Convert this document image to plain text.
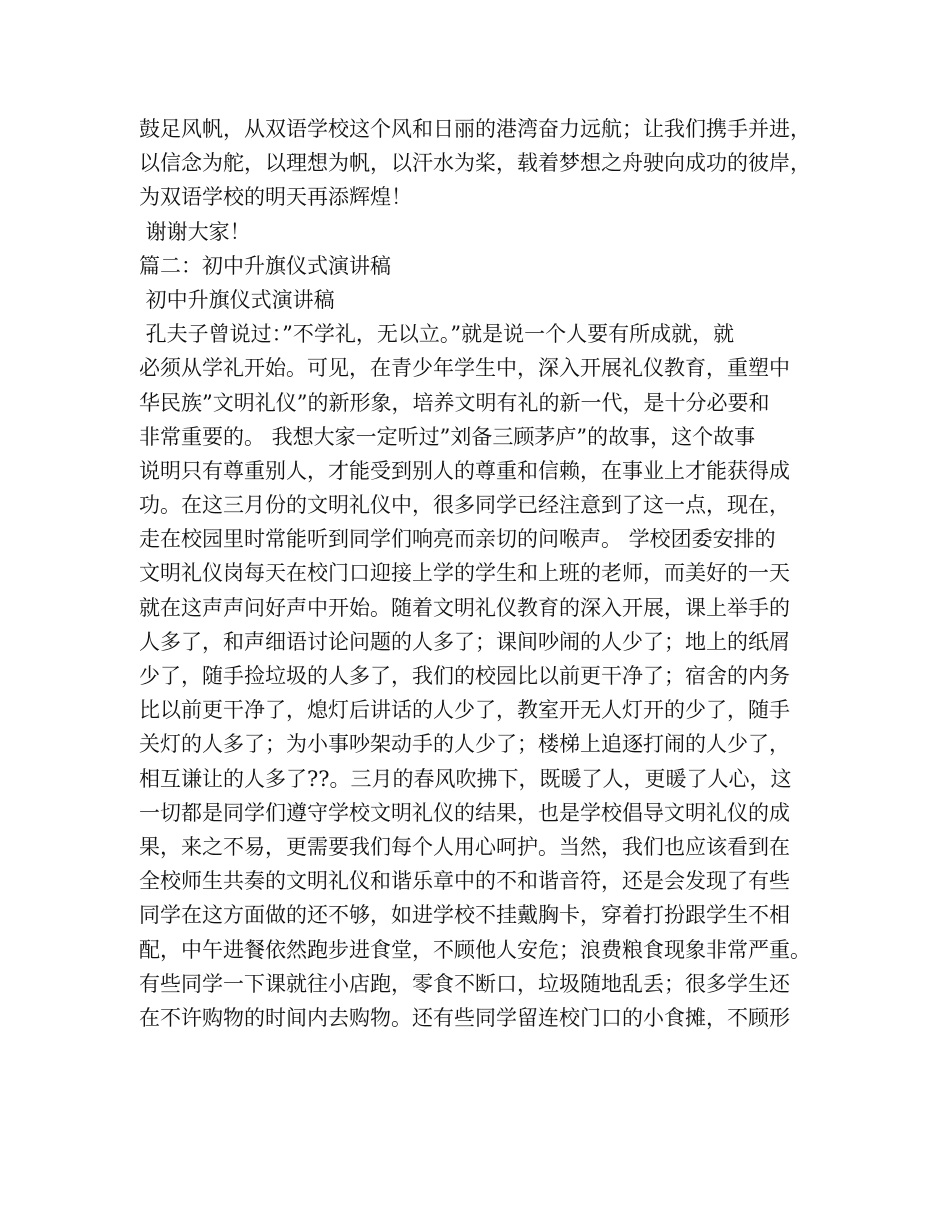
鼓足风帆，从双语学校这个风和日丽的港湾奋力远航；让我们携手并进，
以信念为舵，以理想为帆，以汗水为桨，载着梦想之舟驶向成功的彼岸，
为双语学校的明天再添辉煌！
谢谢大家！
篇二：初中升旗仪式演讲稿
初中升旗仪式演讲稿
孔夫子曾说过：”不学礼，无以立。”就是说一个人要有所成就，就
必须从学礼开始。可见，在青少年学生中，深入开展礼仪教育，重塑中
华民族”文明礼仪”的新形象，培养文明有礼的新一代，是十分必要和
非常重要的。 我想大家一定听过”刘备三顾茅庐”的故事，这个故事
说明只有尊重别人，才能受到别人的尊重和信赖，在事业上才能获得成
功。在这三月份的文明礼仪中，很多同学已经注意到了这一点，现在，
走在校园里时常能听到同学们响亮而亲切的问喉声。 学校团委安排的
文明礼仪岗每天在校门口迎接上学的学生和上班的老师，而美好的一天
就在这声声问好声中开始。随着文明礼仪教育的深入开展，课上举手的
人多了，和声细语讨论问题的人多了；课间吵闹的人少了；地上的纸屑
少了，随手捡垃圾的人多了，我们的校园比以前更干净了；宿舍的内务
比以前更干净了，熄灯后讲话的人少了，教室开无人灯开的少了，随手
关灯的人多了；为小事吵架动手的人少了；楼梯上追逐打闹的人少了，
相互谦让的人多了??。三月的春风吹拂下，既暖了人，更暖了人心，这
一切都是同学们遵守学校文明礼仪的结果，也是学校倡导文明礼仪的成
果，来之不易，更需要我们每个人用心呵护。当然，我们也应该看到在
全校师生共奏的文明礼仪和谐乐章中的不和谐音符，还是会发现了有些
同学在这方面做的还不够，如进学校不挂戴胸卡，穿着打扮跟学生不相
配，中午进餐依然跑步进食堂，不顾他人安危；浪费粮食现象非常严重。
有些同学一下课就往小店跑，零食不断口，垃圾随地乱丢；很多学生还
在不许购物的时间内去购物。还有些同学留连校门口的小食摊，不顾形
